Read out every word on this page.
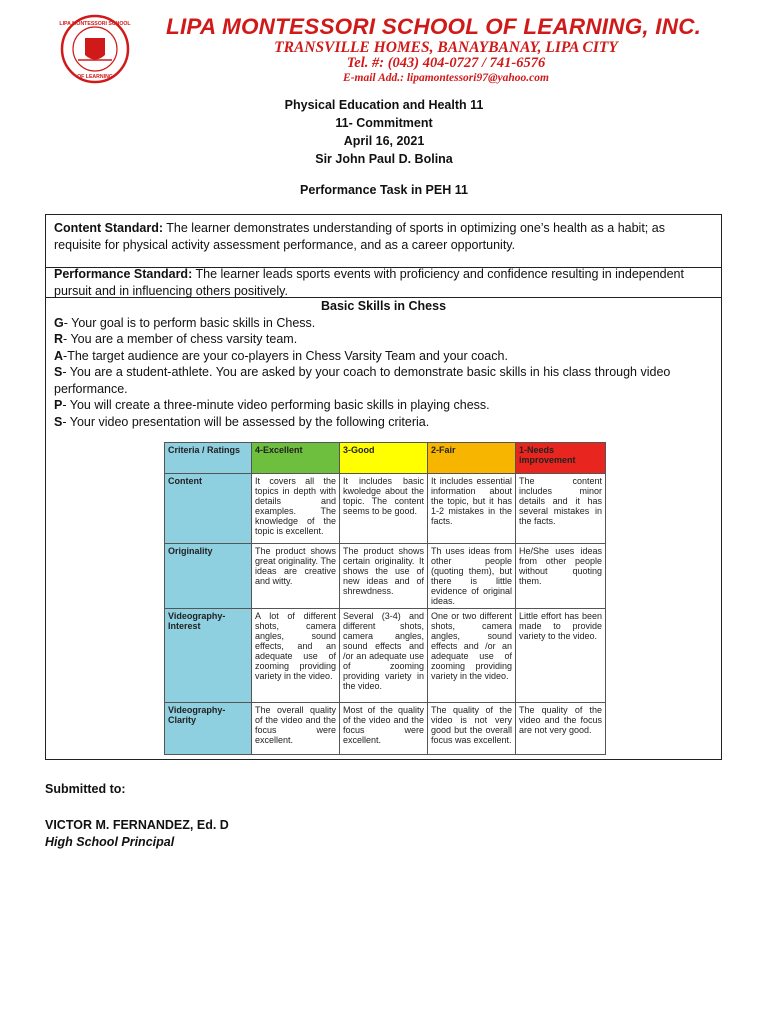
LIPA MONTESSORI SCHOOL
OF LEARNING
LIPA MONTESSORI SCHOOL OF LEARNING, INC.
TRANSVILLE HOMES, BANAYBANAY, LIPA CITY
Tel. #: (043) 404-0727 / 741-6576
E-mail Add.: lipamontessori97@yahoo.com
Physical Education and Health 11
11- Commitment
April 16, 2021
Sir John Paul D. Bolina
Performance Task in PEH 11
Content Standard: The learner demonstrates understanding of sports in optimizing one’s health as a habit; as requisite for physical activity assessment performance, and as a career opportunity.
Performance Standard: The learner leads sports events with proficiency and confidence resulting in independent pursuit and in influencing others positively.
Basic Skills in Chess
G- Your goal is to perform basic skills in Chess.
R- You are a member of chess varsity team.
A-The target audience are your co-players in Chess Varsity Team and your coach.
S- You are a student-athlete. You are asked by your coach to demonstrate basic skills in his class through video performance.
P- You will create a three-minute video performing basic skills in playing chess.
S- Your video presentation will be assessed by the following criteria.
Criteria / Ratings	4-Excellent	3-Good	2-Fair	1-Needs improvement
Content	It covers all the topics in depth with details and examples. The knowledge of the topic is excellent.	It includes basic kwoledge about the topic. The content seems to be good.	It includes essential information about the topic, but it has 1-2 mistakes in the facts.	The content includes minor details and it has several mistakes in the facts.
Originality	The product shows great originality. The ideas are creative and witty.	The product shows certain originality. It shows the use of new ideas and of shrewdness.	Th uses ideas from other people (quoting them), but there is little evidence of original ideas.	He/She uses ideas from other people without quoting them.
Videography-Interest	A lot of different shots, camera angles, sound effects, and an adequate use of zooming providing variety in the video.	Several (3-4) and different shots, camera angles, sound effects and /or an adequate use of zooming providing variety in the video.	One or two different shots, camera angles, sound effects and /or an adequate use of zooming providing variety in the video.	Little effort has been made to provide variety to the video.
Videography-Clarity	The overall quality of the video and the focus were excellent.	Most of the quality of the video and the focus were excellent.	The quality of the video is not very good but the overall focus was excellent.	The quality of the video and the focus are not very good.
Submitted to:
VICTOR M. FERNANDEZ, Ed. D
High School Principal
